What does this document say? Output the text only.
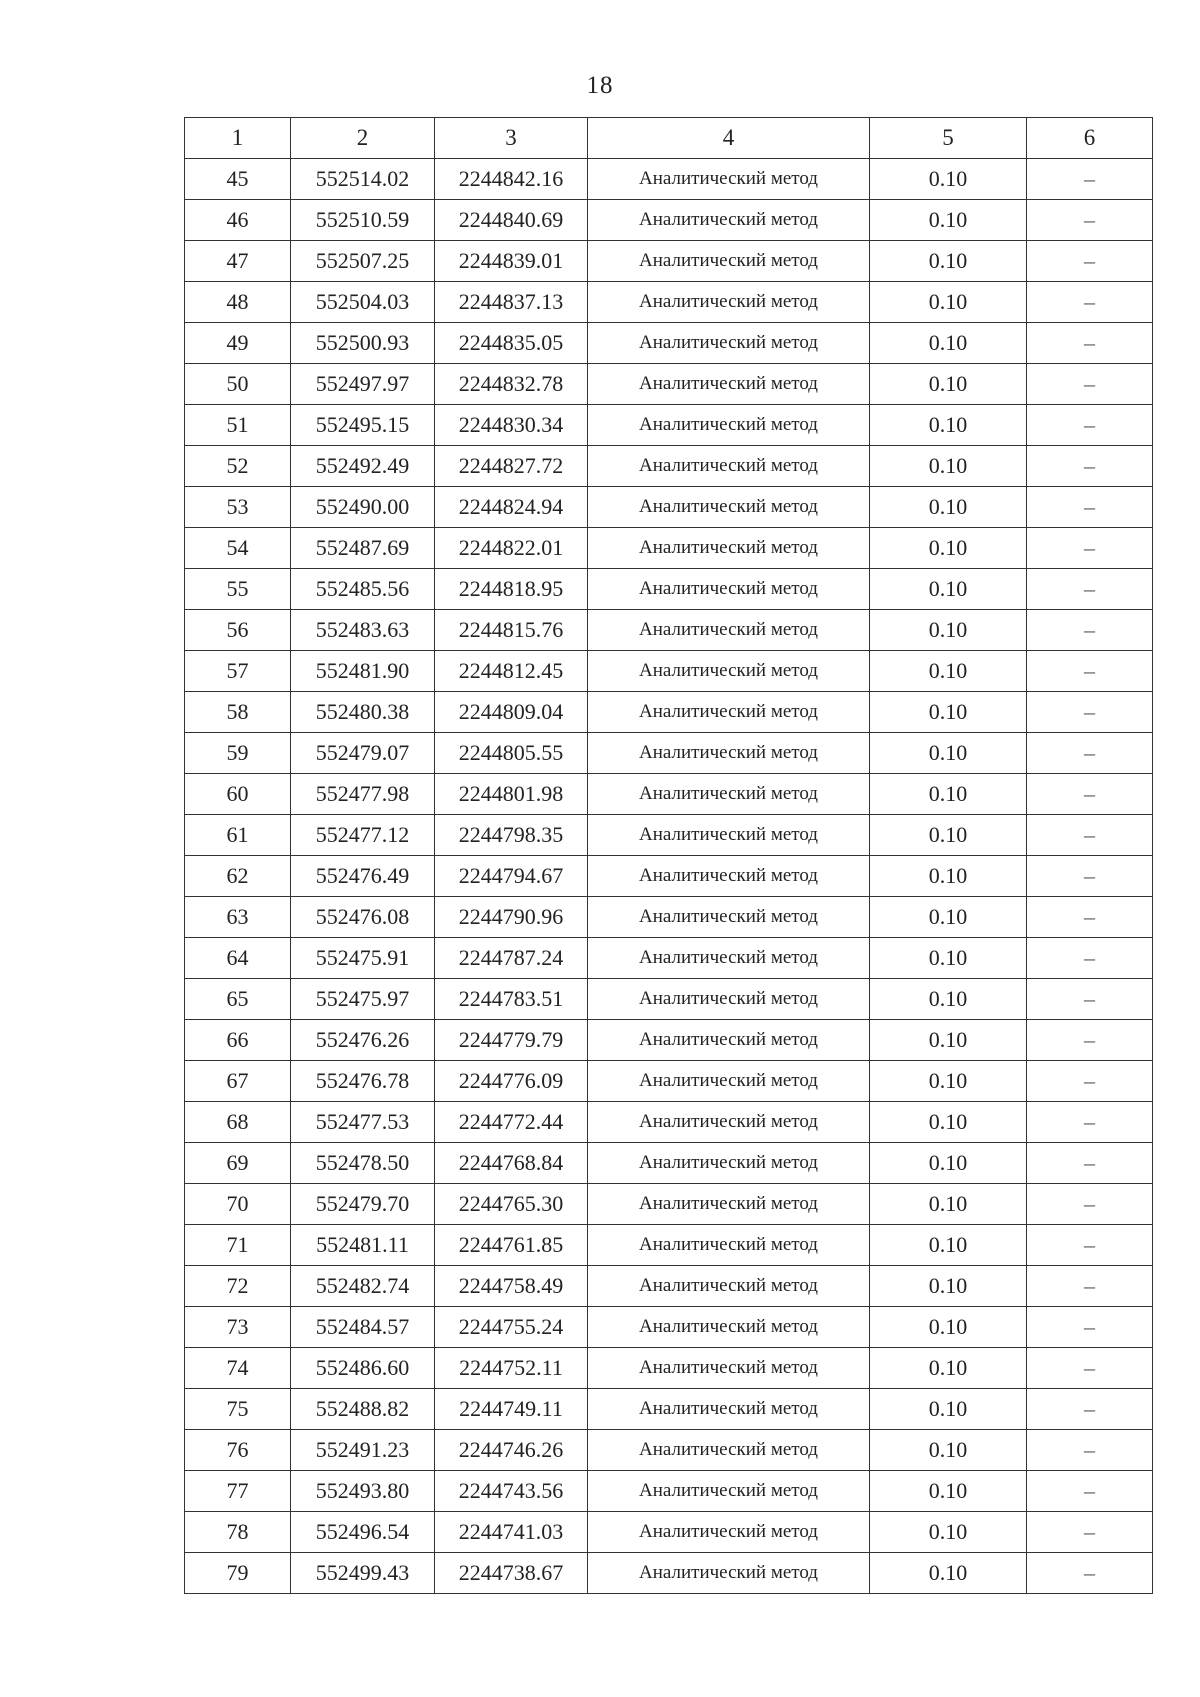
18
1	2	3	4	5	6
45	552514.02	2244842.16	Аналитический метод	0.10	–
46	552510.59	2244840.69	Аналитический метод	0.10	–
47	552507.25	2244839.01	Аналитический метод	0.10	–
48	552504.03	2244837.13	Аналитический метод	0.10	–
49	552500.93	2244835.05	Аналитический метод	0.10	–
50	552497.97	2244832.78	Аналитический метод	0.10	–
51	552495.15	2244830.34	Аналитический метод	0.10	–
52	552492.49	2244827.72	Аналитический метод	0.10	–
53	552490.00	2244824.94	Аналитический метод	0.10	–
54	552487.69	2244822.01	Аналитический метод	0.10	–
55	552485.56	2244818.95	Аналитический метод	0.10	–
56	552483.63	2244815.76	Аналитический метод	0.10	–
57	552481.90	2244812.45	Аналитический метод	0.10	–
58	552480.38	2244809.04	Аналитический метод	0.10	–
59	552479.07	2244805.55	Аналитический метод	0.10	–
60	552477.98	2244801.98	Аналитический метод	0.10	–
61	552477.12	2244798.35	Аналитический метод	0.10	–
62	552476.49	2244794.67	Аналитический метод	0.10	–
63	552476.08	2244790.96	Аналитический метод	0.10	–
64	552475.91	2244787.24	Аналитический метод	0.10	–
65	552475.97	2244783.51	Аналитический метод	0.10	–
66	552476.26	2244779.79	Аналитический метод	0.10	–
67	552476.78	2244776.09	Аналитический метод	0.10	–
68	552477.53	2244772.44	Аналитический метод	0.10	–
69	552478.50	2244768.84	Аналитический метод	0.10	–
70	552479.70	2244765.30	Аналитический метод	0.10	–
71	552481.11	2244761.85	Аналитический метод	0.10	–
72	552482.74	2244758.49	Аналитический метод	0.10	–
73	552484.57	2244755.24	Аналитический метод	0.10	–
74	552486.60	2244752.11	Аналитический метод	0.10	–
75	552488.82	2244749.11	Аналитический метод	0.10	–
76	552491.23	2244746.26	Аналитический метод	0.10	–
77	552493.80	2244743.56	Аналитический метод	0.10	–
78	552496.54	2244741.03	Аналитический метод	0.10	–
79	552499.43	2244738.67	Аналитический метод	0.10	–
